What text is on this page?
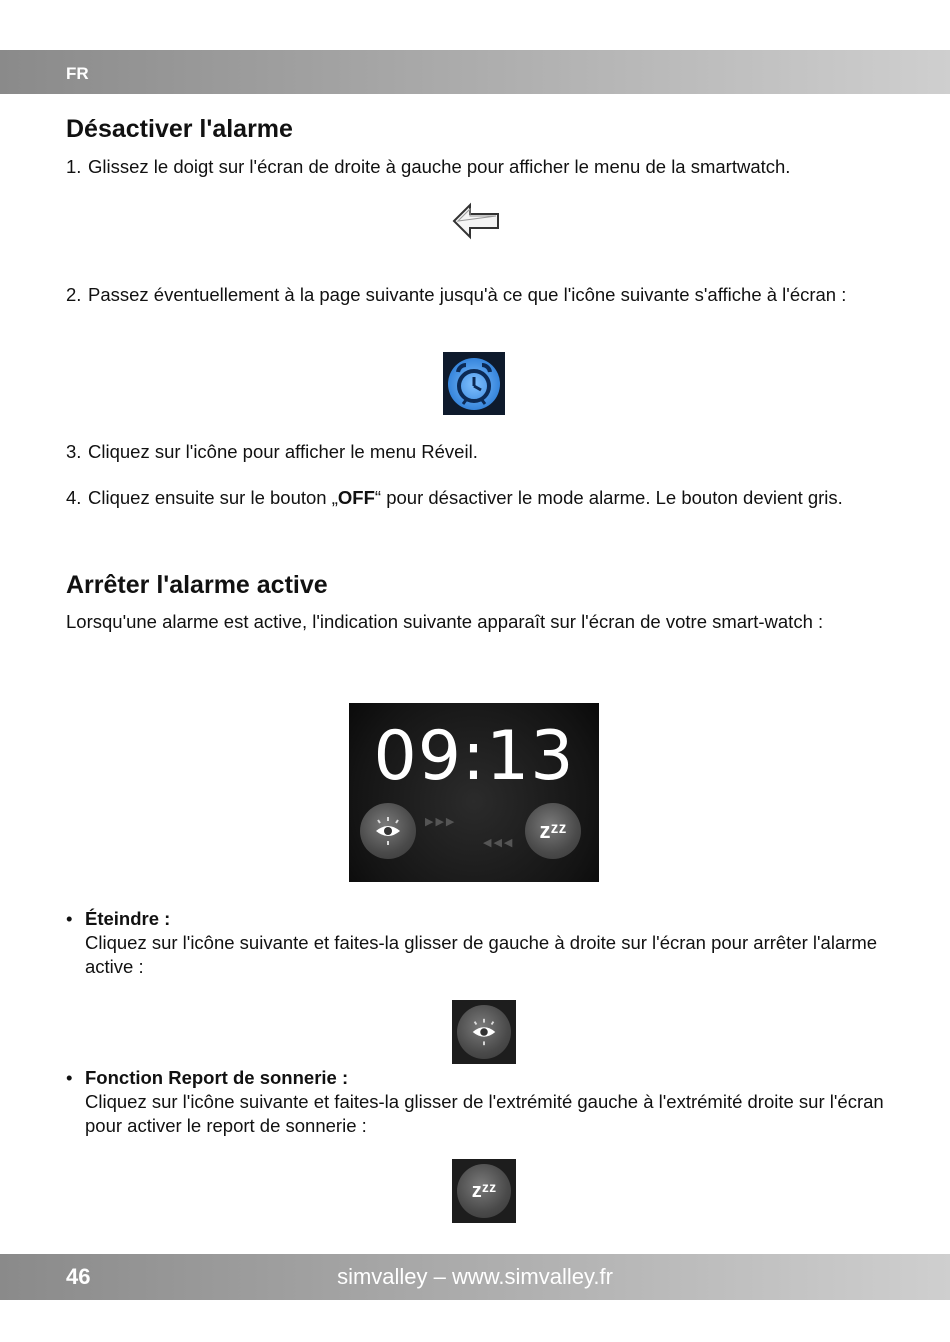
FR
Désactiver l'alarme
1. Glissez le doigt sur l'écran de droite à gauche pour afficher le menu de la smartwatch.
2. Passez éventuellement à la page suivante jusqu'à ce que l'icône suivante s'affiche à l'écran :
3. Cliquez sur l'icône pour afficher le menu Réveil.
4. Cliquez ensuite sur le bouton „OFF“ pour désactiver le mode alarme. Le bouton devient gris.
Arrêter l'alarme active
Lorsqu'une alarme est active, l'indication suivante apparaît sur l'écran de votre smart-watch :
09:13
▶▶▶
◀◀◀	zᶻᶻ
• Éteindre :
Cliquez sur l'icône suivante et faites-la glisser de gauche à droite sur l'écran pour arrêter l'alarme active :
• Fonction Report de sonnerie :
Cliquez sur l'icône suivante et faites-la glisser de l'extrémité gauche à l'extrémité droite sur l'écran pour activer le report de sonnerie :
zᶻᶻ
46	simvalley – www.simvalley.fr
